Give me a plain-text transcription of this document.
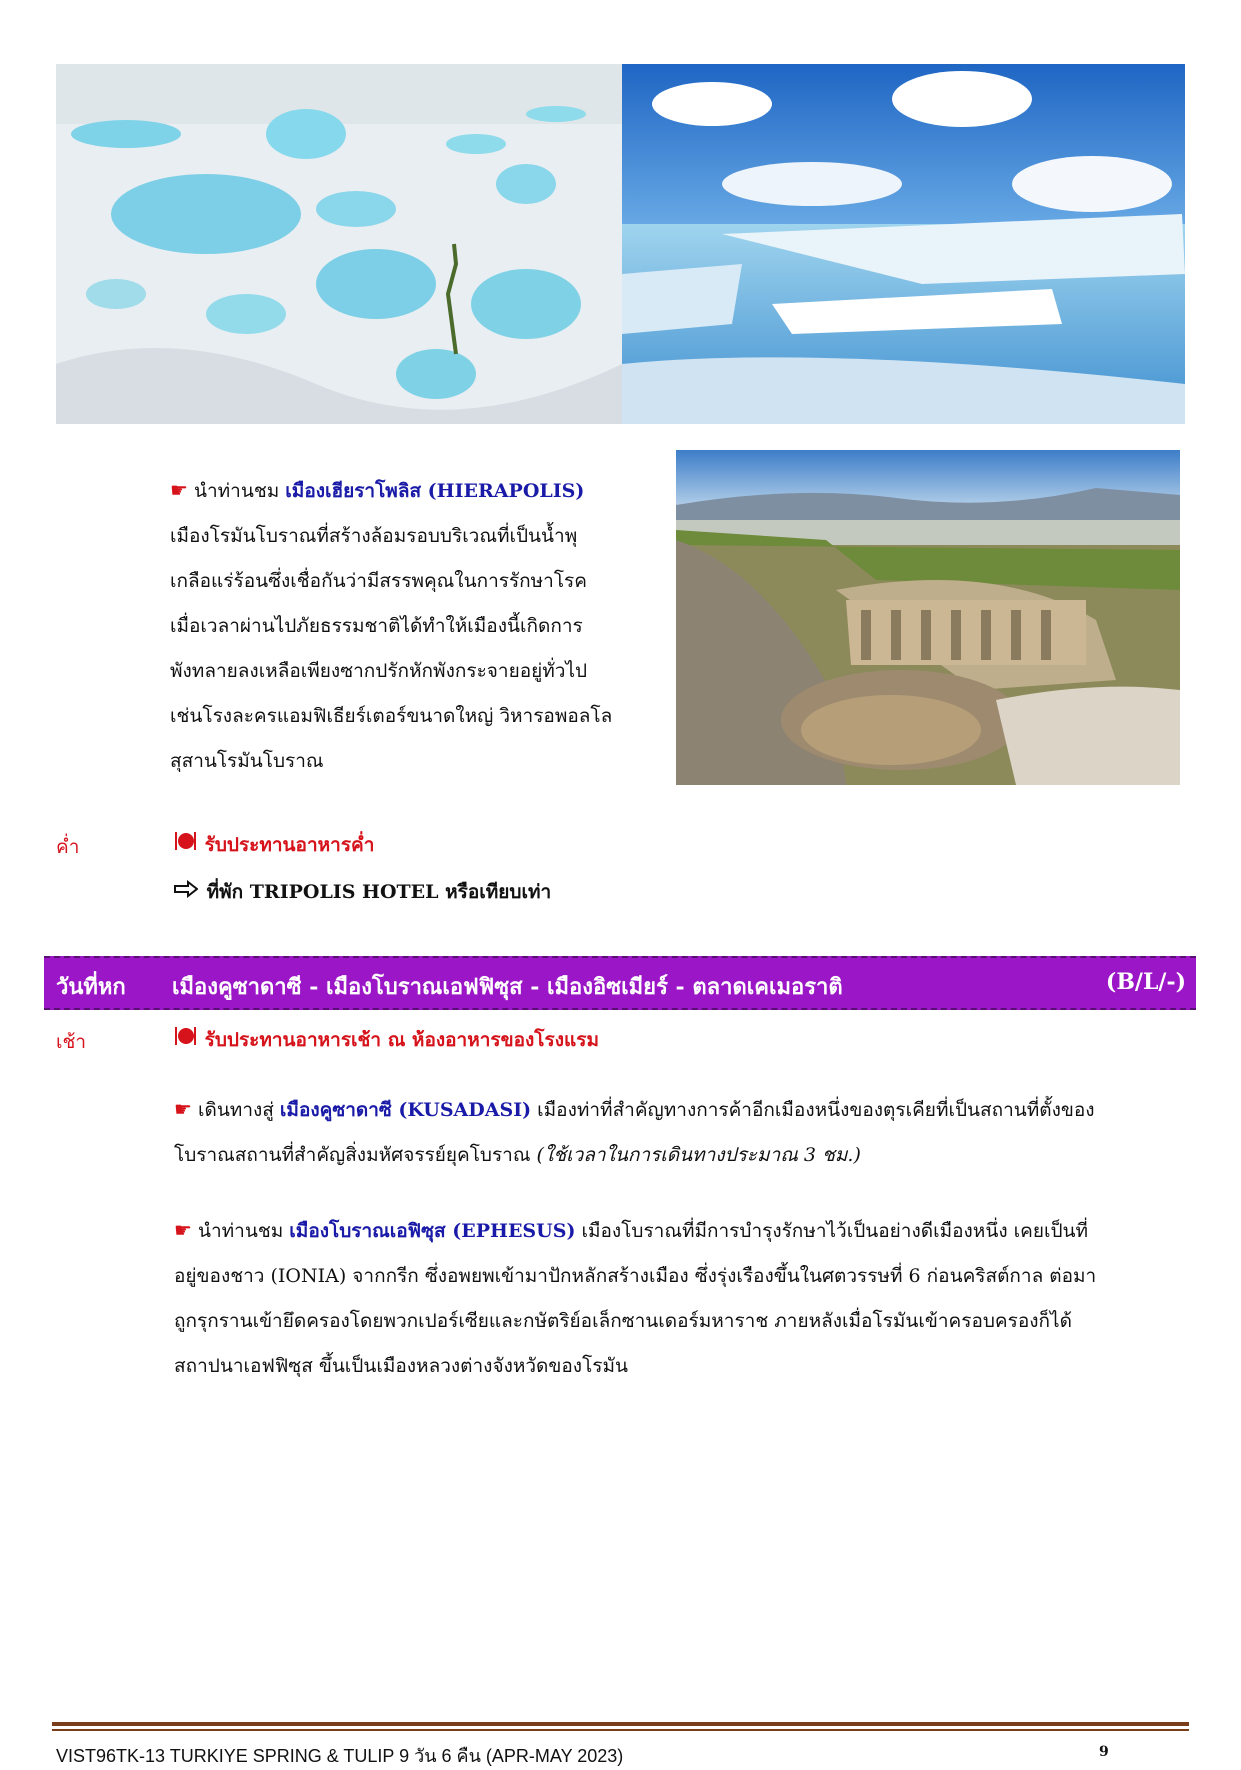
☛ นำท่านชม เมืองเฮียราโพลิส (HIERAPOLIS)
เมืองโรมันโบราณที่สร้างล้อมรอบบริเวณที่เป็นน้ำพุ
เกลือแร่ร้อนซึ่งเชื่อกันว่ามีสรรพคุณในการรักษาโรค
เมื่อเวลาผ่านไปภัยธรรมชาติได้ทำให้เมืองนี้เกิดการ
พังทลายลงเหลือเพียงซากปรักหักพังกระจายอยู่ทั่วไป
เช่นโรงละครแอมฟิเธียร์เตอร์ขนาดใหญ่ วิหารอพอลโล
สุสานโรมันโบราณ
ค่ำ	รับประทานอาหารค่ำ
ที่พัก TRIPOLIS HOTEL หรือเทียบเท่า
วันที่หก เมืองคูซาดาซี - เมืองโบราณเอฟฟิซุส - เมืองอิซเมียร์ - ตลาดเคเมอราติ	(B/L/-)
เช้า	รับประทานอาหารเช้า ณ ห้องอาหารของโรงแรม
☛ เดินทางสู่ เมืองคูซาดาซี (KUSADASI) เมืองท่าที่สำคัญทางการค้าอีกเมืองหนึ่งของตุรเคียที่เป็นสถานที่ตั้งของ
โบราณสถานที่สำคัญสิ่งมหัศจรรย์ยุคโบราณ (ใช้เวลาในการเดินทางประมาณ 3 ชม.)
☛ นำท่านชม เมืองโบราณเอฟิซุส (EPHESUS) เมืองโบราณที่มีการบำรุงรักษาไว้เป็นอย่างดีเมืองหนึ่ง เคยเป็นที่
อยู่ของชาว (IONIA) จากกรีก ซึ่งอพยพเข้ามาปักหลักสร้างเมือง ซึ่งรุ่งเรืองขึ้นในศตวรรษที่ 6 ก่อนคริสต์กาล ต่อมา
ถูกรุกรานเข้ายึดครองโดยพวกเปอร์เซียและกษัตริย์อเล็กซานเดอร์มหาราช ภายหลังเมื่อโรมันเข้าครอบครองก็ได้
สถาปนาเอฟฟิซุส ขึ้นเป็นเมืองหลวงต่างจังหวัดของโรมัน
VIST96TK-13 TURKIYE SPRING & TULIP 9 วัน 6 คืน (APR-MAY 2023)	9
